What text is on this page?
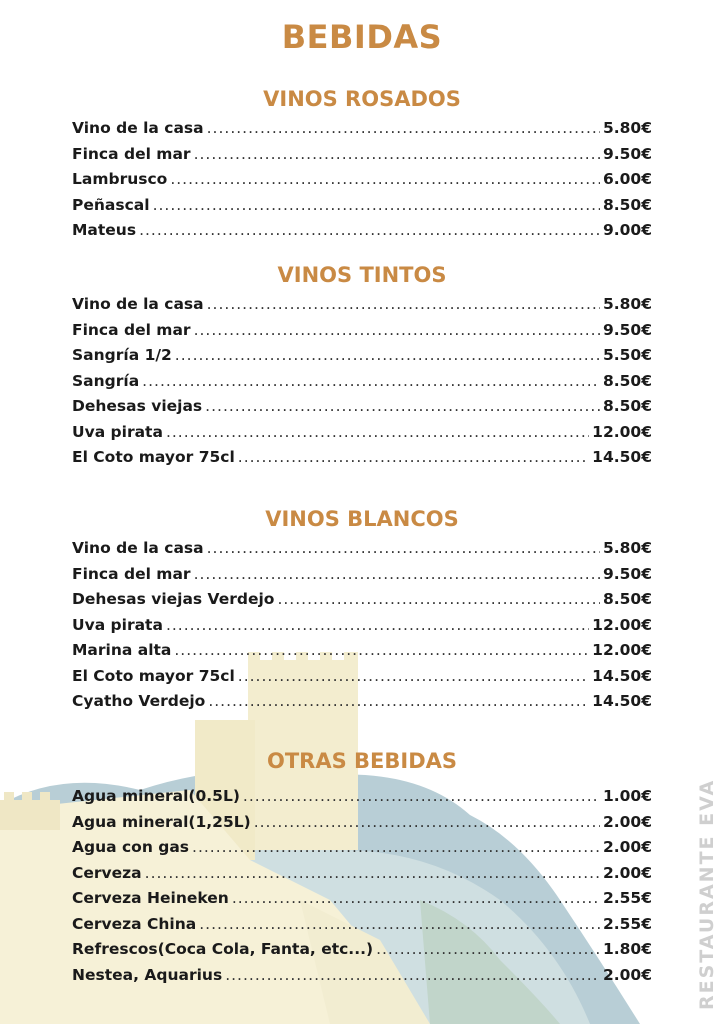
BEBIDAS
VINOS ROSADOS
Vino de la casa .....	5.80€
Finca del mar .....	9.50€
Lambrusco .....	6.00€
Peñascal .....	8.50€
Mateus .....	9.00€
VINOS TINTOS
Vino de la casa .....	5.80€
Finca del mar .....	9.50€
Sangría 1/2 .....	5.50€
Sangría .....	8.50€
Dehesas viejas .....	8.50€
Uva pirata .....	12.00€
El Coto mayor 75cl .....	14.50€
VINOS BLANCOS
Vino de la casa .....	5.80€
Finca del mar .....	9.50€
Dehesas viejas Verdejo .....	8.50€
Uva pirata .....	12.00€
Marina alta .....	12.00€
El Coto mayor 75cl .....	14.50€
Cyatho Verdejo .....	14.50€
OTRAS BEBIDAS
Agua mineral(0.5L) .....	1.00€
Agua mineral(1,25L) .....	2.00€
Agua con gas .....	2.00€
Cerveza .....	2.00€
Cerveza Heineken .....	2.55€
Cerveza China .....	2.55€
Refrescos(Coca Cola, Fanta, etc...) .....	1.80€
Nestea, Aquarius .....	2.00€ RESTAURANTE EVA
